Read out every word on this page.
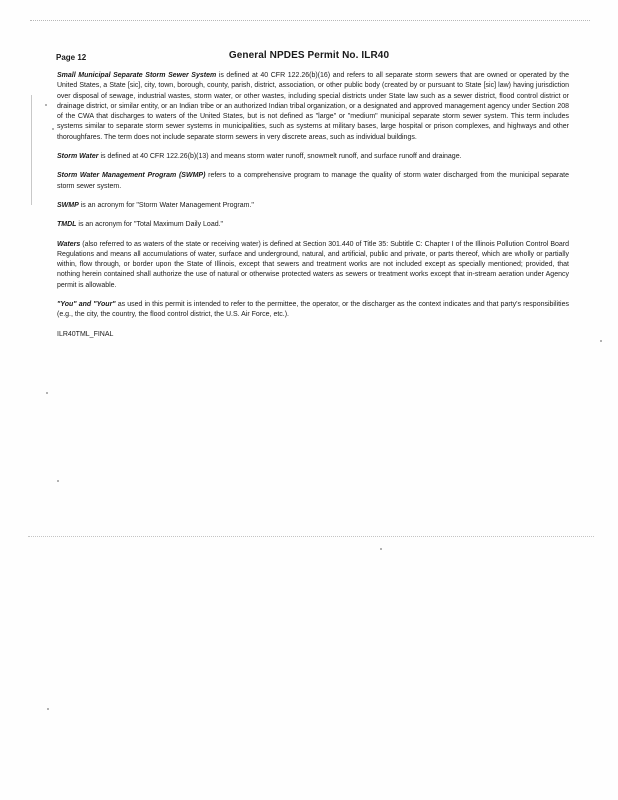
Page 12	General NPDES Permit No. ILR40

Small Municipal Separate Storm Sewer System is defined at 40 CFR 122.26(b)(16) and refers to all separate storm sewers that are owned or operated by the United States, a State [sic], city, town, borough, county, parish, district, association, or other public body (created by or pursuant to State [sic] law) having jurisdiction over disposal of sewage, industrial wastes, storm water, or other wastes, including special districts under State law such as a sewer district, flood control district or drainage district, or similar entity, or an Indian tribe or an authorized Indian tribal organization, or a designated and approved management agency under Section 208 of the CWA that discharges to waters of the United States, but is not defined as "large" or "medium" municipal separate storm sewer system. This term includes systems similar to separate storm sewer systems in municipalities, such as systems at military bases, large hospital or prison complexes, and highways and other thoroughfares. The term does not include separate storm sewers in very discrete areas, such as individual buildings.

Storm Water is defined at 40 CFR 122.26(b)(13) and means storm water runoff, snowmelt runoff, and surface runoff and drainage.

Storm Water Management Program (SWMP) refers to a comprehensive program to manage the quality of storm water discharged from the municipal separate storm sewer system.

SWMP is an acronym for "Storm Water Management Program."

TMDL is an acronym for "Total Maximum Daily Load."

Waters (also referred to as waters of the state or receiving water) is defined at Section 301.440 of Title 35: Subtitle C: Chapter I of the Illinois Pollution Control Board Regulations and means all accumulations of water, surface and underground, natural, and artificial, public and private, or parts thereof, which are wholly or partially within, flow through, or border upon the State of Illinois, except that sewers and treatment works are not included except as specially mentioned; provided, that nothing herein contained shall authorize the use of natural or otherwise protected waters as sewers or treatment works except that in-stream aeration under Agency permit is allowable.

"You" and "Your" as used in this permit is intended to refer to the permittee, the operator, or the discharger as the context indicates and that party's responsibilities (e.g., the city, the country, the flood control district, the U.S. Air Force, etc.).

ILR40TML_FINAL
